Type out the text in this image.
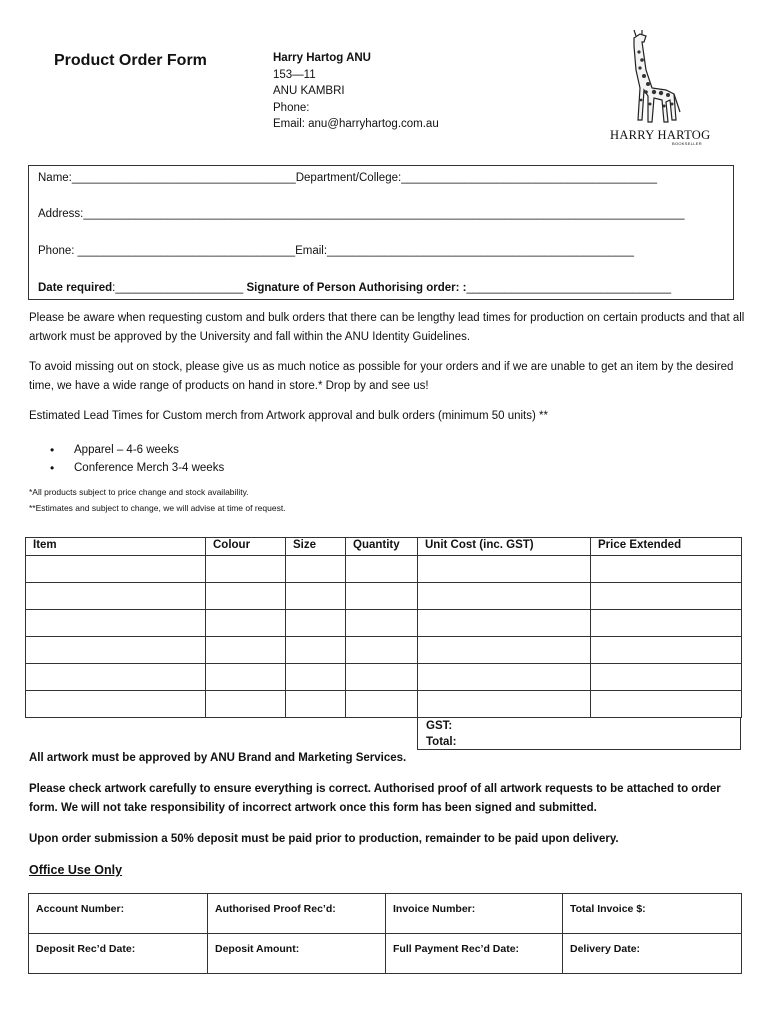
Product Order Form	Harry Hartog ANU
153—11
ANU KAMBRI
Phone:
Email: anu@harryhartog.com.au
HARRY HARTOG
BOOKSELLER
Name:___________________________________Department/College:________________________________________
Address:______________________________________________________________________________________________
Phone: __________________________________Email:________________________________________________
Date required:____________________ Signature of Person Authorising order: :________________________________
Please be aware when requesting custom and bulk orders that there can be lengthy lead times for production on certain products and that all artwork must be approved by the University and fall within the ANU Identity Guidelines.
To avoid missing out on stock, please give us as much notice as possible for your orders and if we are unable to get an item by the desired time, we have a wide range of products on hand in store.* Drop by and see us!
Estimated Lead Times for Custom merch from Artwork approval and bulk orders (minimum 50 units) **
• Apparel – 4-6 weeks
• Conference Merch 3-4 weeks
*All products subject to price change and stock availability.
**Estimates and subject to change, we will advise at time of request.
Item	Colour	Size	Quantity	Unit Cost (inc. GST)	Price Extended

GST:
Total:
All artwork must be approved by ANU Brand and Marketing Services.
Please check artwork carefully to ensure everything is correct. Authorised proof of all artwork requests to be attached to order form. We will not take responsibility of incorrect artwork once this form has been signed and submitted.
Upon order submission a 50% deposit must be paid prior to production, remainder to be paid upon delivery.
Office Use Only
Account Number:	Authorised Proof Rec’d:	Invoice Number:	Total Invoice $:
Deposit Rec’d Date:	Deposit Amount:	Full Payment Rec’d Date:	Delivery Date:
